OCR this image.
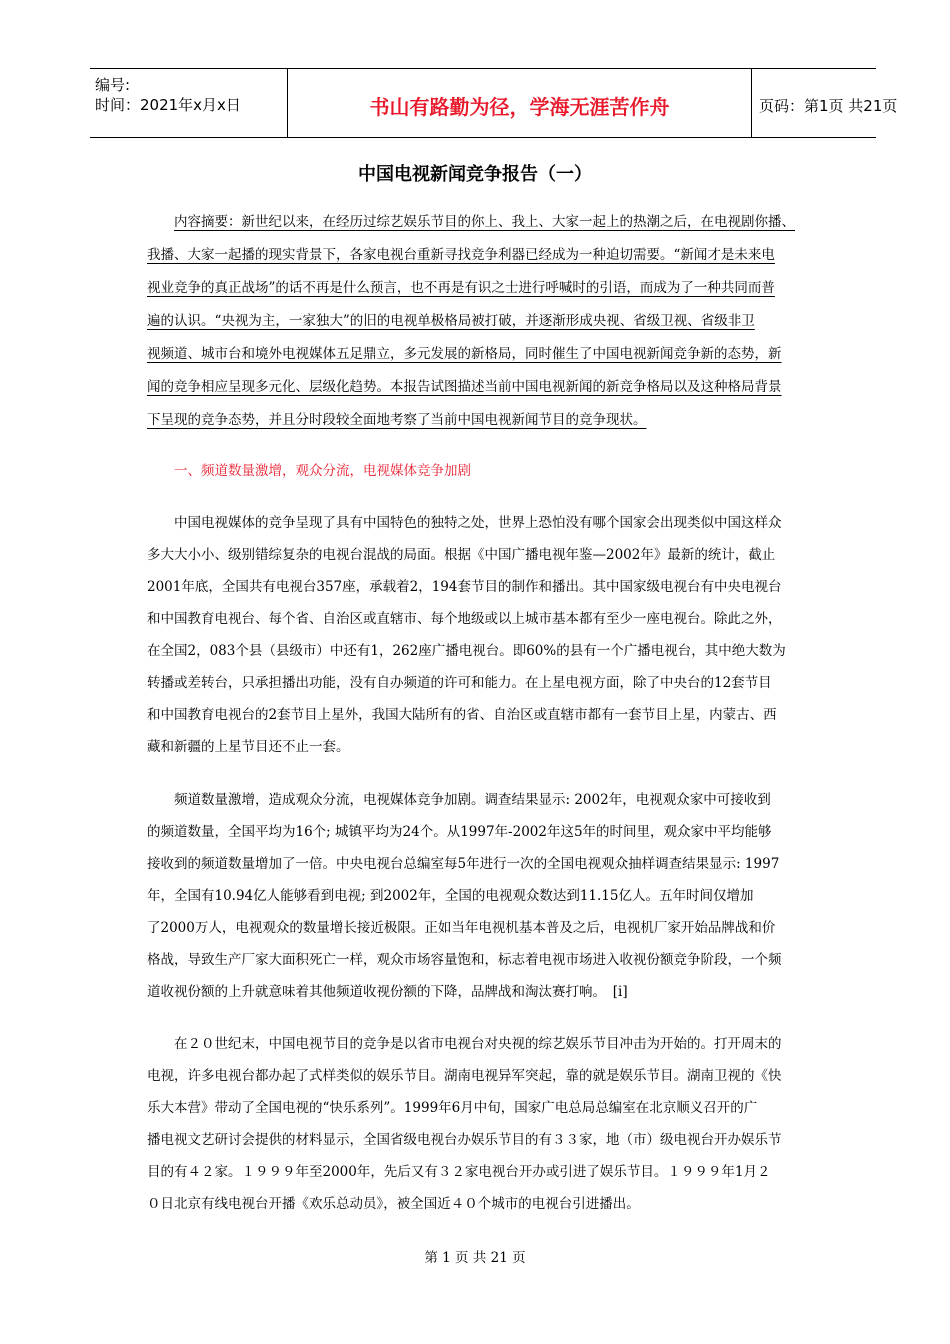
编号:
时间：2021年x月x日	书山有路勤为径，学海无涯苦作舟	页码：第1页 共21页
中国电视新闻竞争报告（一）
内容摘要：新世纪以来，在经历过综艺娱乐节目的你上、我上、大家一起上的热潮之后，在电视剧你播、
我播、大家一起播的现实背景下，各家电视台重新寻找竞争利器已经成为一种迫切需要。“新闻才是未来电
视业竞争的真正战场”的话不再是什么预言，也不再是有识之士进行呼喊时的引语，而成为了一种共同而普
遍的认识。“央视为主，一家独大”的旧的电视单极格局被打破，并逐渐形成央视、省级卫视、省级非卫
视频道、城市台和境外电视媒体五足鼎立，多元发展的新格局，同时催生了中国电视新闻竞争新的态势，新
闻的竞争相应呈现多元化、层级化趋势。本报告试图描述当前中国电视新闻的新竞争格局以及这种格局背景
下呈现的竞争态势，并且分时段较全面地考察了当前中国电视新闻节目的竞争现状。
一、频道数量激增，观众分流，电视媒体竞争加剧
中国电视媒体的竞争呈现了具有中国特色的独特之处，世界上恐怕没有哪个国家会出现类似中国这样众
多大大小小、级别错综复杂的电视台混战的局面。根据《中国广播电视年鉴—2002年》最新的统计，截止
2001年底，全国共有电视台357座，承载着2，194套节目的制作和播出。其中国家级电视台有中央电视台
和中国教育电视台、每个省、自治区或直辖市、每个地级或以上城市基本都有至少一座电视台。除此之外，
在全国2，083个县（县级市）中还有1，262座广播电视台。即60%的县有一个广播电视台，其中绝大数为
转播或差转台，只承担播出功能，没有自办频道的许可和能力。在上星电视方面，除了中央台的12套节目
和中国教育电视台的2套节目上星外，我国大陆所有的省、自治区或直辖市都有一套节目上星，内蒙古、西
藏和新疆的上星节目还不止一套。
频道数量激增，造成观众分流，电视媒体竞争加剧。调查结果显示: 2002年，电视观众家中可接收到
的频道数量，全国平均为16个; 城镇平均为24个。从1997年-2002年这5年的时间里，观众家中平均能够
接收到的频道数量增加了一倍。中央电视台总编室每5年进行一次的全国电视观众抽样调查结果显示: 1997
年，全国有10.94亿人能够看到电视; 到2002年，全国的电视观众数达到11.15亿人。五年时间仅增加
了2000万人，电视观众的数量增长接近极限。正如当年电视机基本普及之后，电视机厂家开始品牌战和价
格战，导致生产厂家大面积死亡一样，观众市场容量饱和，标志着电视市场进入收视份额竞争阶段，一个频
道收视份额的上升就意味着其他频道收视份额的下降，品牌战和淘汰赛打响。　[i]
在２０世纪末，中国电视节目的竞争是以省市电视台对央视的综艺娱乐节目冲击为开始的。打开周末的
电视，许多电视台都办起了式样类似的娱乐节目。湖南电视异军突起，靠的就是娱乐节目。湖南卫视的《快
乐大本营》带动了全国电视的“快乐系列”。1999年6月中旬，国家广电总局总编室在北京顺义召开的广
播电视文艺研讨会提供的材料显示，全国省级电视台办娱乐节目的有３３家，地（市）级电视台开办娱乐节
目的有４２家。１９９９年至2000年，先后又有３２家电视台开办或引进了娱乐节目。１９９９年1月２
０日北京有线电视台开播《欢乐总动员》，被全国近４０个城市的电视台引进播出。
第 1 页 共 21 页
